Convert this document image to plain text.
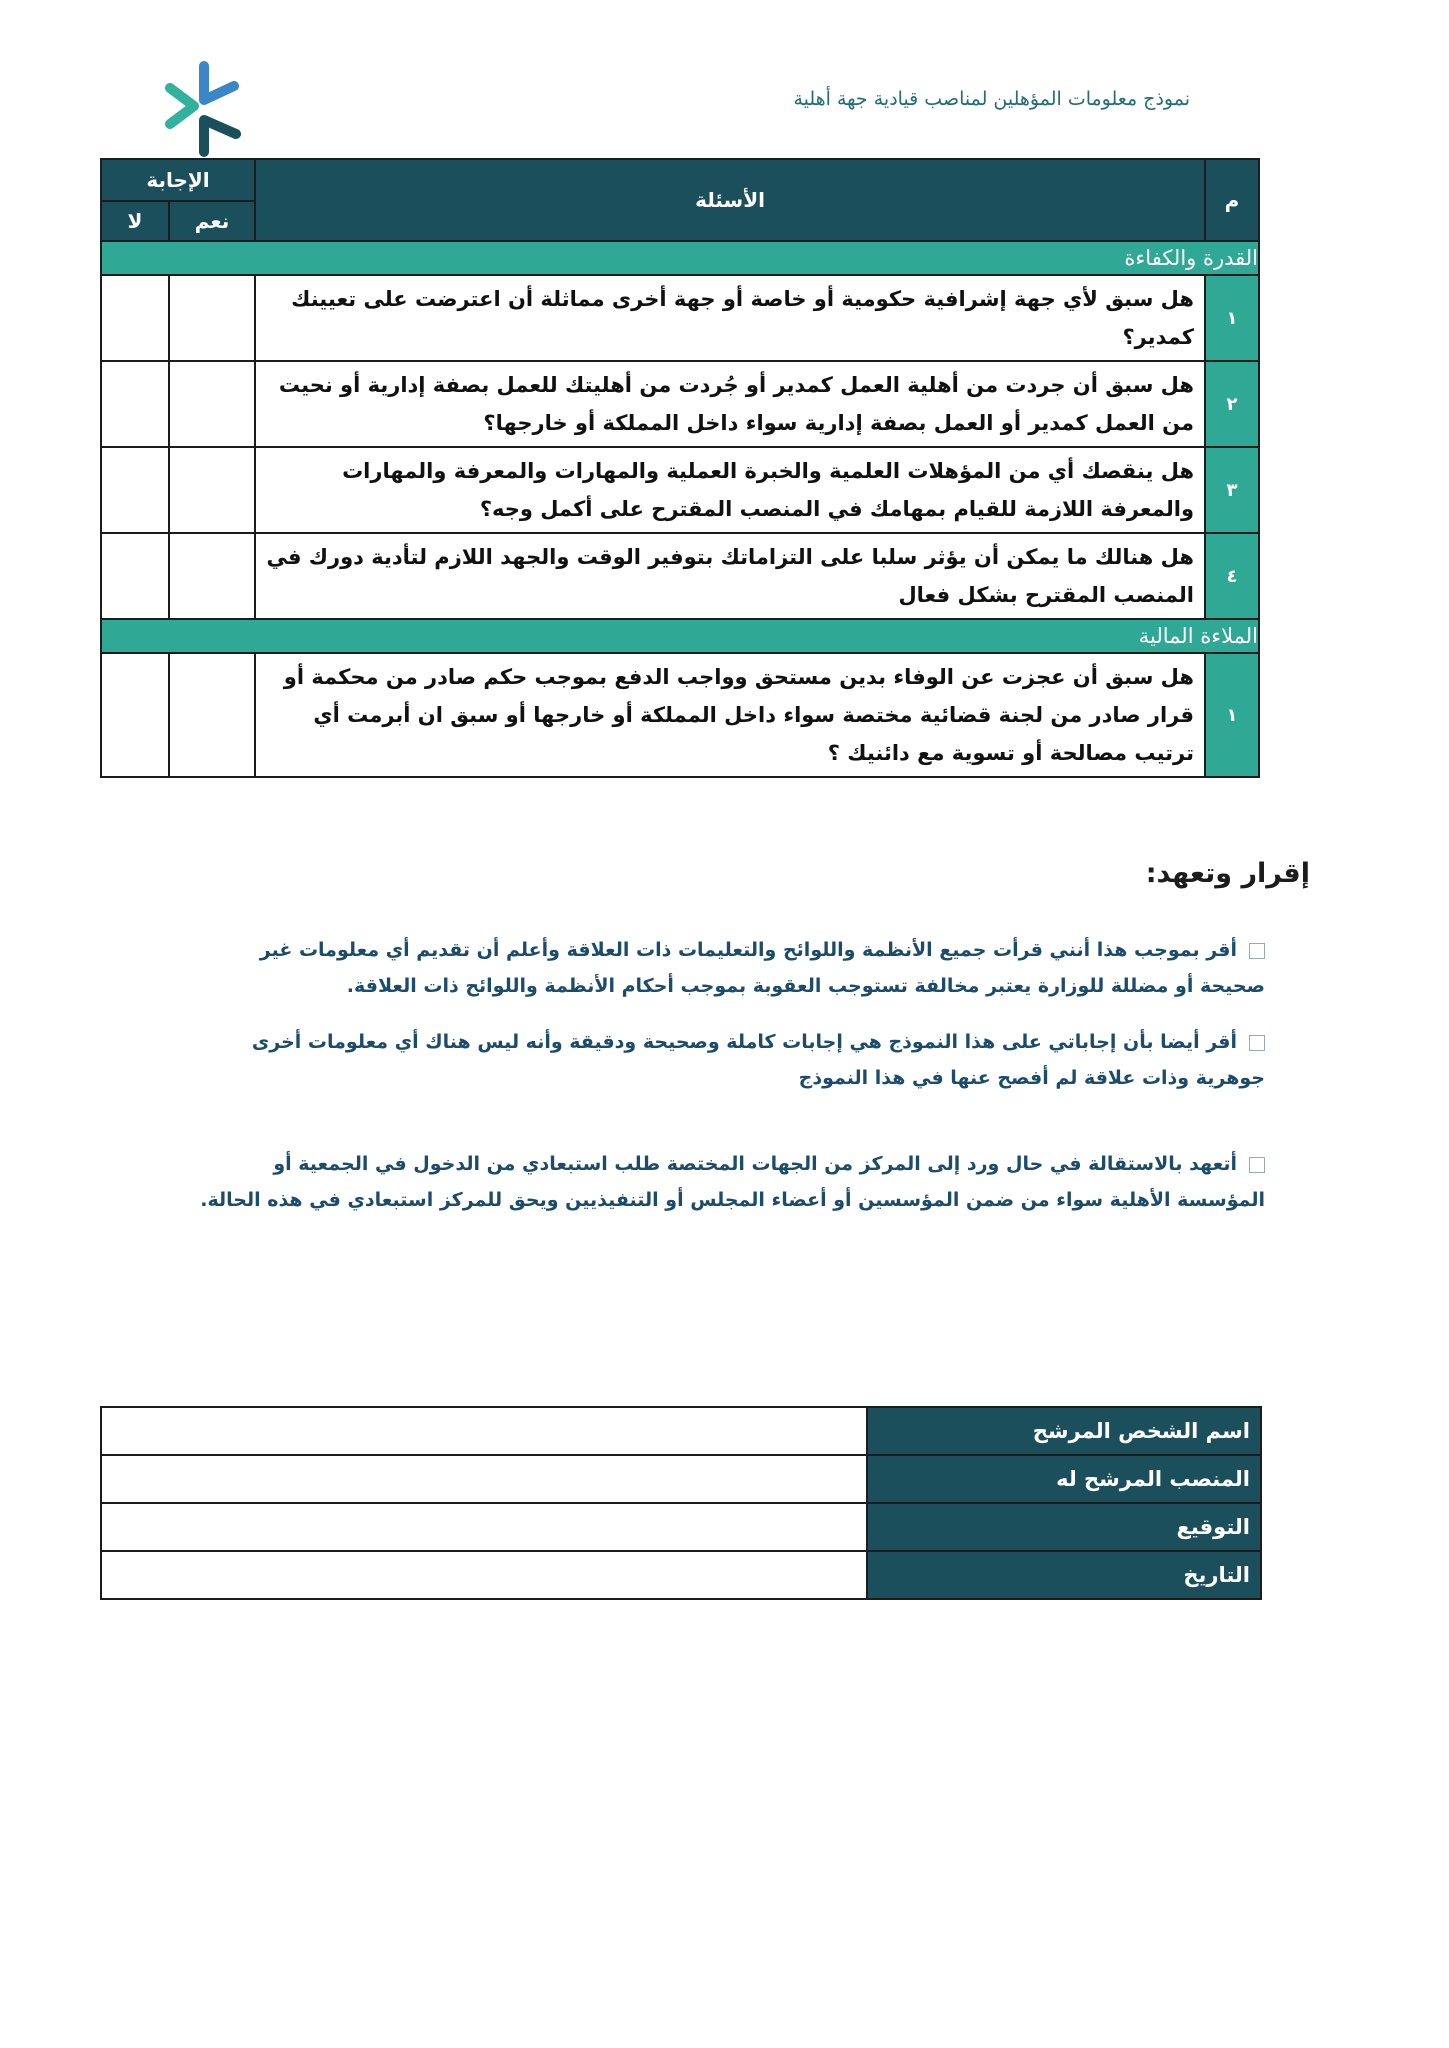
نموذج معلومات المؤهلين لمناصب قيادية جهة أهلية
م	الأسئلة	الإجابة	
		نعم	لا
القدرة والكفاءة			
١	هل سبق لأي جهة إشرافية حكومية أو خاصة أو جهة أخرى مماثلة أن اعترضت على تعيينك كمدير؟		
٢	هل سبق أن جردت من أهلية العمل كمدير أو جُردت من أهليتك للعمل بصفة إدارية أو نحيت من العمل كمدير أو العمل بصفة إدارية سواء داخل المملكة أو خارجها؟		
٣	هل ينقصك أي من المؤهلات العلمية والخبرة العملية والمهارات والمعرفة والمهارات والمعرفة اللازمة للقيام بمهامك في المنصب المقترح على أكمل وجه؟		
٤	هل هنالك ما يمكن أن يؤثر سلبا على التزاماتك بتوفير الوقت والجهد اللازم لتأدية دورك في المنصب المقترح بشكل فعال		
الملاءة المالية			
١	هل سبق أن عجزت عن الوفاء بدين مستحق وواجب الدفع بموجب حكم صادر من محكمة أو قرار صادر من لجنة قضائية مختصة سواء داخل المملكة أو خارجها أو سبق ان أبرمت أي ترتيب مصالحة أو تسوية مع دائنيك ؟		
إقرار وتعهد:
أقر بموجب هذا أنني قرأت جميع الأنظمة واللوائح والتعليمات ذات العلاقة وأعلم أن تقديم أي معلومات غير صحيحة أو مضللة للوزارة يعتبر مخالفة تستوجب العقوبة بموجب أحكام الأنظمة واللوائح ذات العلاقة.
أقر أيضا بأن إجاباتي على هذا النموذج هي إجابات كاملة وصحيحة ودقيقة وأنه ليس هناك أي معلومات أخرى جوهرية وذات علاقة لم أفصح عنها في هذا النموذج
أتعهد بالاستقالة في حال ورد إلى المركز من الجهات المختصة طلب استبعادي من الدخول في الجمعية أو المؤسسة الأهلية سواء من ضمن المؤسسين أو أعضاء المجلس أو التنفيذيين ويحق للمركز استبعادي في هذه الحالة.
اسم الشخص المرشح	
المنصب المرشح له	
التوقيع	
التاريخ	
